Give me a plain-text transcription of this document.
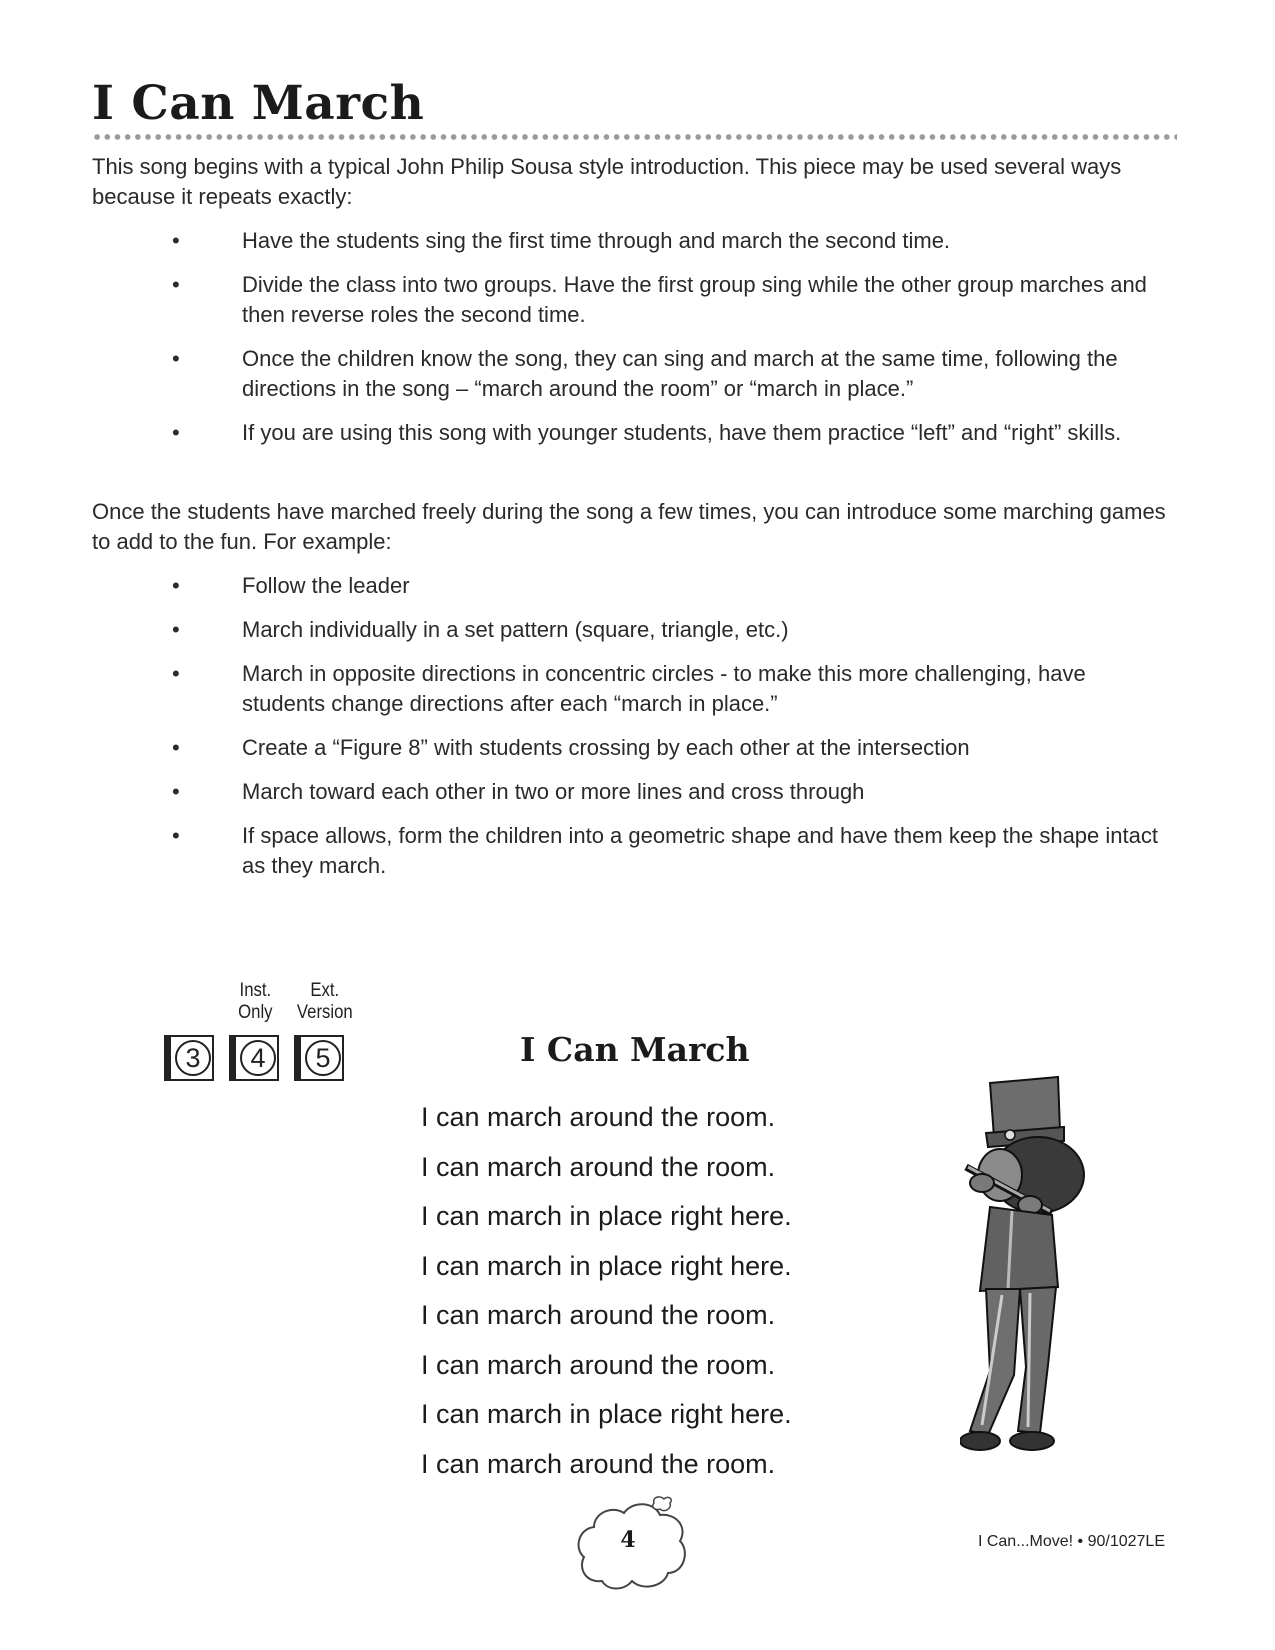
I Can March

This song begins with a typical John Philip Sousa style introduction. This piece may be used several ways because it repeats exactly:

•	Have the students sing the first time through and march the second time.
•	Divide the class into two groups. Have the first group sing while the other group marches and then reverse roles the second time.
•	Once the children know the song, they can sing and march at the same time, following the directions in the song – “march around the room” or “march in place.”
•	If you are using this song with younger students, have them practice “left” and “right” skills.

Once the students have marched freely during the song a few times, you can introduce some marching games to add to the fun. For example:

•	Follow the leader
•	March individually in a set pattern (square, triangle, etc.)
•	March in opposite directions in concentric circles - to make this more challenging, have students change directions after each “march in place.”
•	Create a “Figure 8” with students crossing by each other at the intersection
•	March toward each other in two or more lines and cross through
•	If space allows, form the children into a geometric shape and have them keep the shape intact as they march.
Inst.
Only
Ext.
Version
3	4	5	I Can March
I can march around the room.
I can march around the room.
I can march in place right here.
I can march in place right here.
I can march around the room.
I can march around the room.
I can march in place right here.
I can march around the room.
4	I Can...Move! • 90/1027LE
